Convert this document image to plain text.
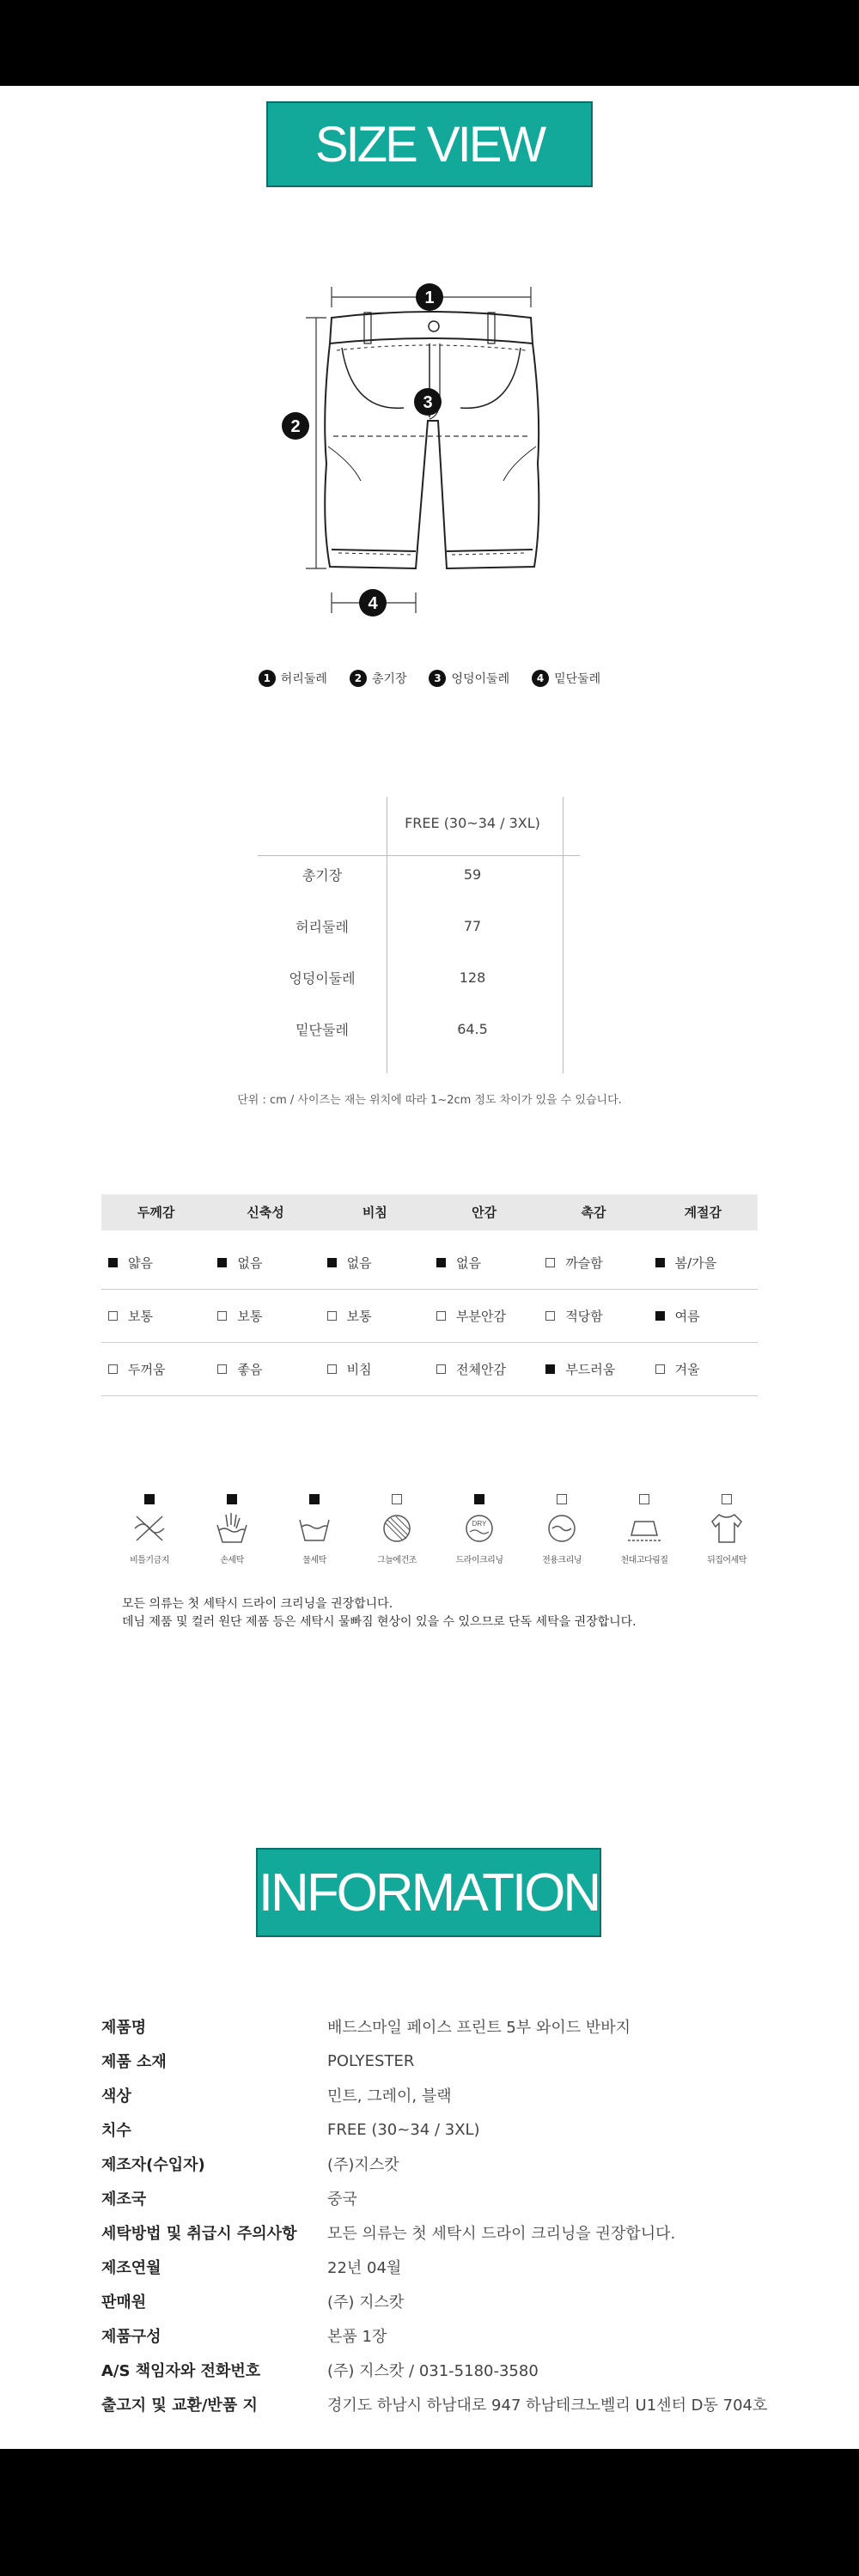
SIZE VIEW
1
2
3
4
1 허리둘레	2 총기장	3 엉덩이둘레	4 밑단둘레
FREE (30~34 / 3XL)
총기장	59
허리둘레	77
엉덩이둘레	128
밑단둘레	64.5
단위 : cm / 사이즈는 재는 위치에 따라 1~2cm 정도 차이가 있을 수 있습니다.
두께감	신축성	비침	안감	촉감	계절감
얇음	없음	없음	없음	까슬함	봄/가을
보통	보통	보통	부분안감	적당함	여름
두꺼움	좋음	비침	전체안감	부드러움	겨울
비틀기금지	손세탁	물세탁	그늘에건조
DRY
드라이크리닝	전용크리닝	천대고다림질	뒤집어세탁
모든 의류는 첫 세탁시 드라이 크리닝을 권장합니다.
데님 제품 및 컬러 원단 제품 등은 세탁시 물빠짐 현상이 있을 수 있으므로 단독 세탁을 권장합니다.
INFORMATION
제품명	배드스마일 페이스 프린트 5부 와이드 반바지
제품 소재	POLYESTER
색상	민트, 그레이, 블랙
치수	FREE (30~34 / 3XL)
제조자(수입자)	(주)지스캇
제조국	중국
세탁방법 및 취급시 주의사항	모든 의류는 첫 세탁시 드라이 크리닝을 권장합니다.
제조연월	22년 04월
판매원	(주) 지스캇
제품구성	본품 1장
A/S 책임자와 전화번호	(주) 지스캇 / 031-5180-3580
출고지 및 교환/반품 지	경기도 하남시 하남대로 947 하남테크노벨리 U1센터 D동 704호
